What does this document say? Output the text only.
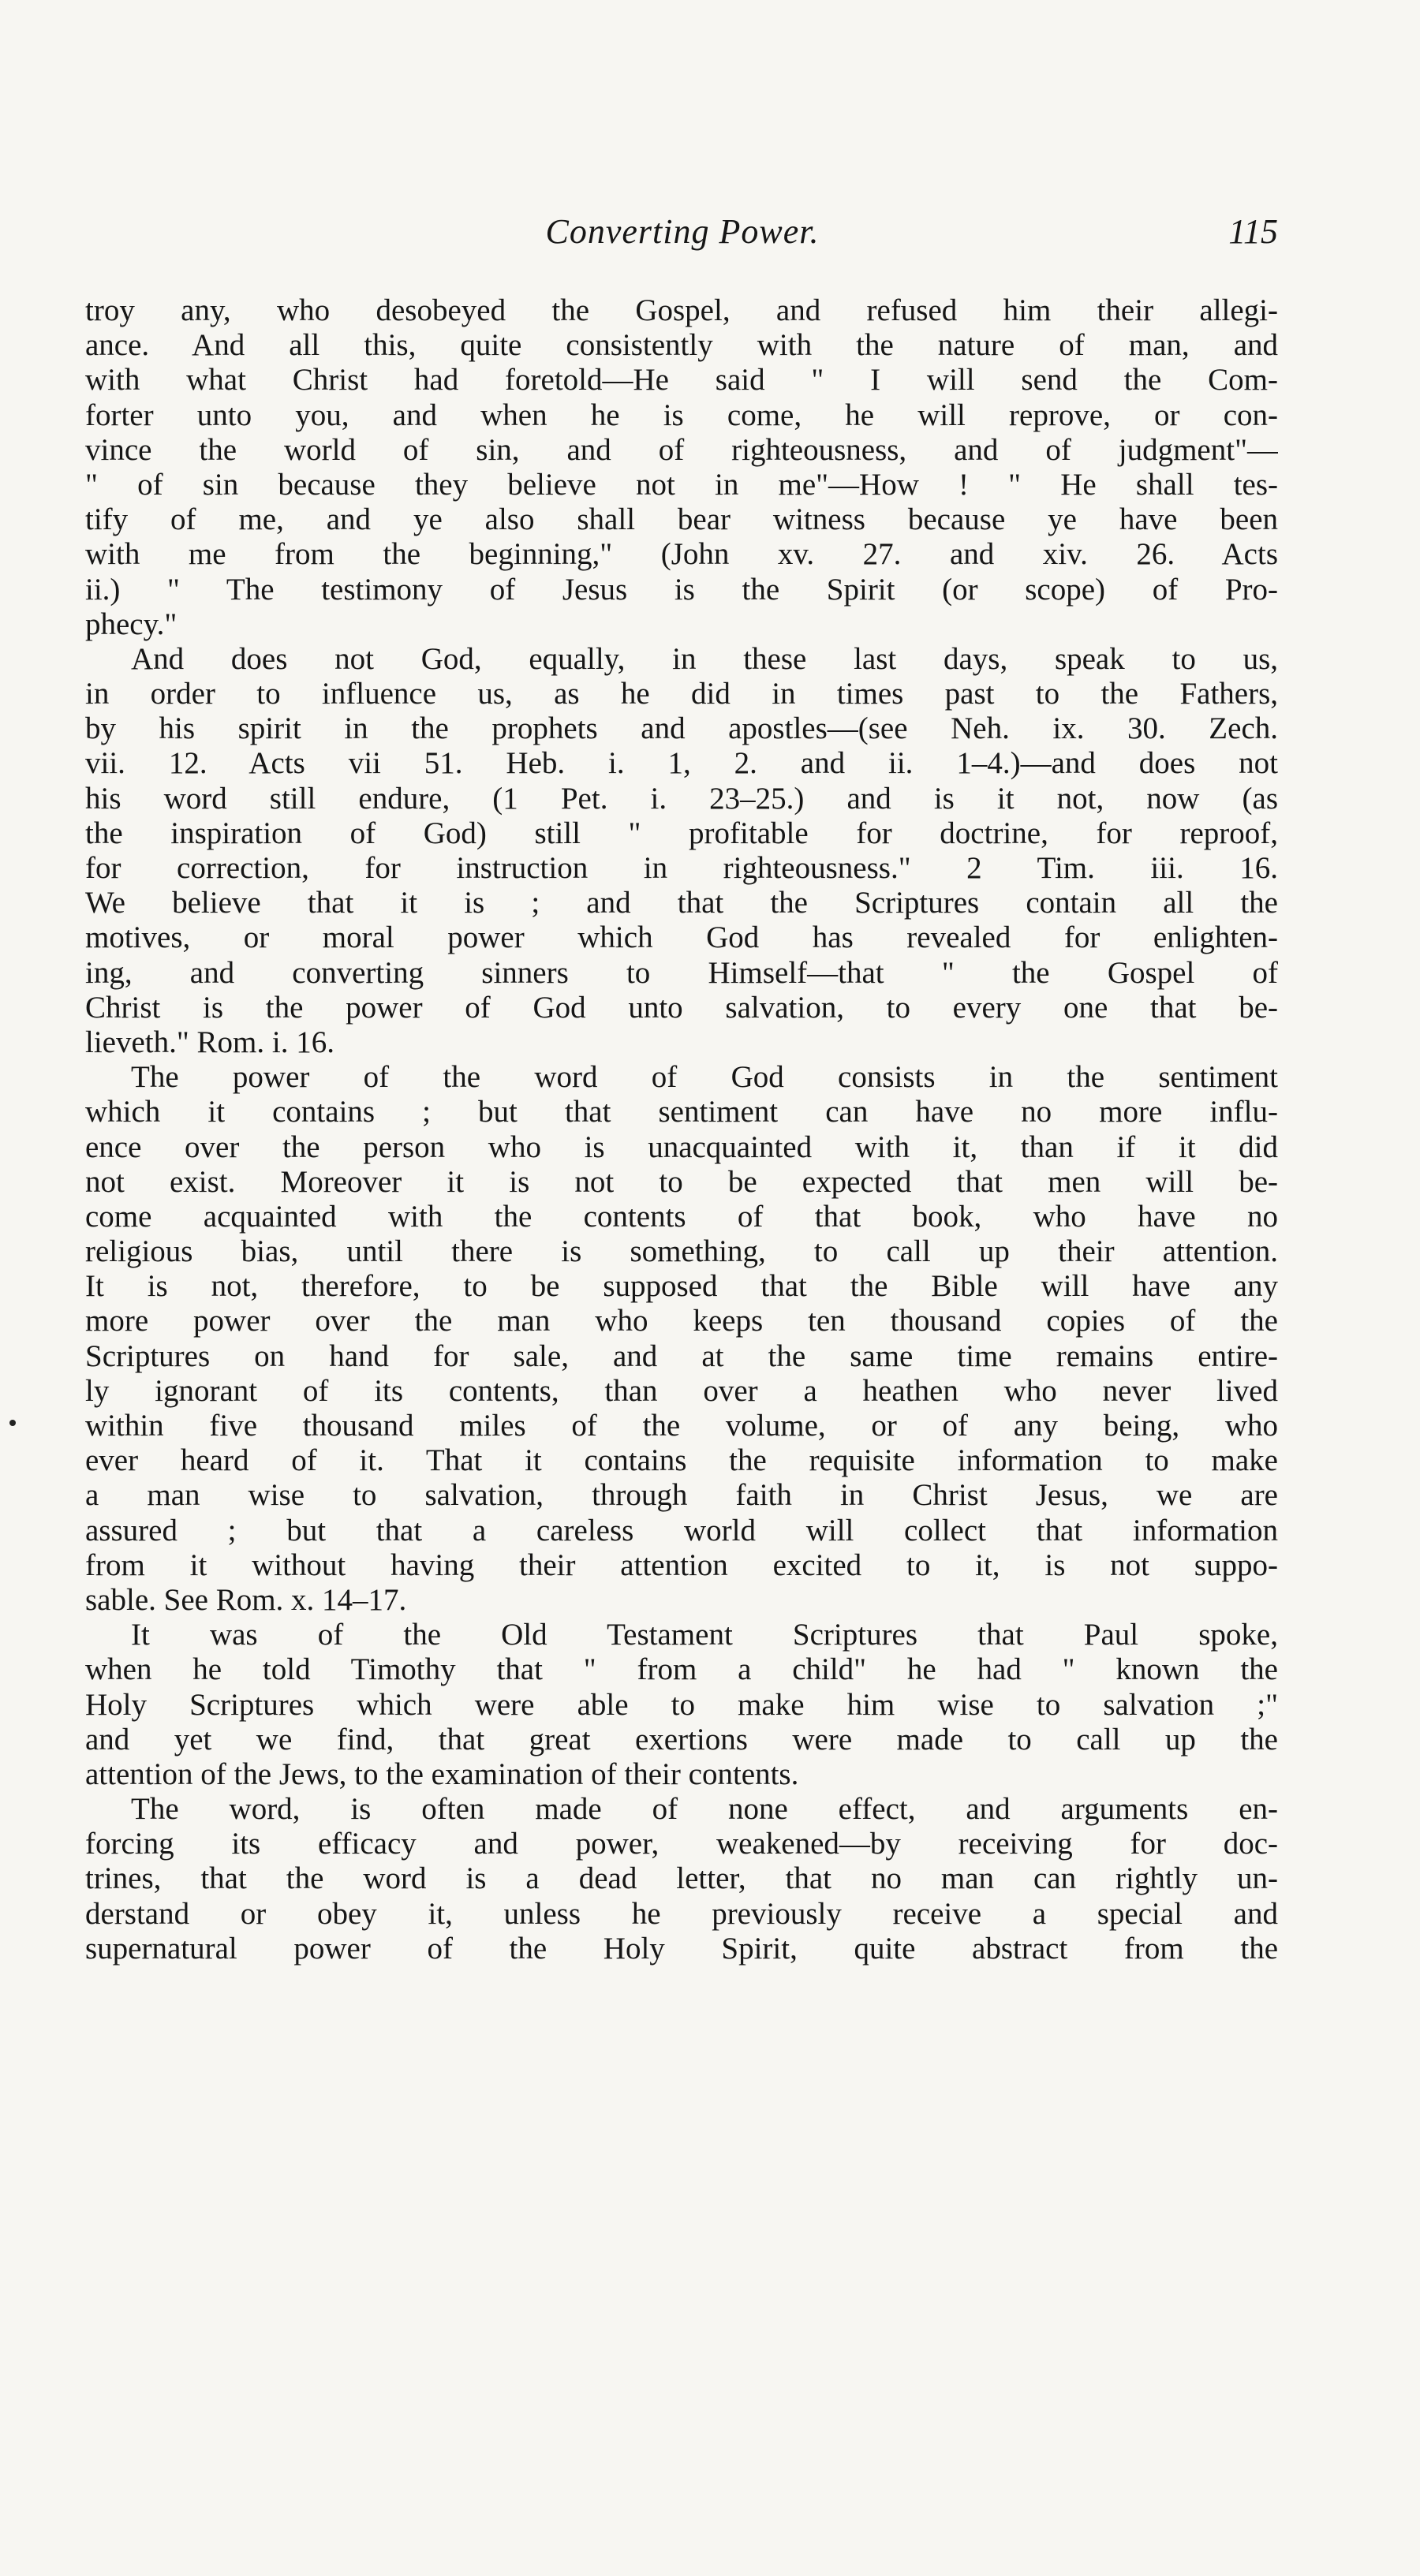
Converting Power.	115
troy any, who desobeyed the Gospel, and refused him their allegi-
ance. And all this, quite consistently with the nature of man, and
with what Christ had foretold—He said " I will send the Com-
forter unto you, and when he is come, he will reprove, or con-
vince the world of sin, and of righteousness, and of judgment"—
" of sin because they believe not in me"—How ! " He shall tes-
tify of me, and ye also shall bear witness because ye have been
with me from the beginning," (John xv. 27. and xiv. 26. Acts
ii.) " The testimony of Jesus is the Spirit (or scope) of Pro-
phecy."
And does not God, equally, in these last days, speak to us,
in order to influence us, as he did in times past to the Fathers,
by his spirit in the prophets and apostles—(see Neh. ix. 30. Zech.
vii. 12. Acts vii 51. Heb. i. 1, 2. and ii. 1–4.)—and does not
his word still endure, (1 Pet. i. 23–25.) and is it not, now (as
the inspiration of God) still " profitable for doctrine, for reproof,
for correction, for instruction in righteousness." 2 Tim. iii. 16.
We believe that it is ; and that the Scriptures contain all the
motives, or moral power which God has revealed for enlighten-
ing, and converting sinners to Himself—that " the Gospel of
Christ is the power of God unto salvation, to every one that be-
lieveth." Rom. i. 16.
The power of the word of God consists in the sentiment
which it contains ; but that sentiment can have no more influ-
ence over the person who is unacquainted with it, than if it did
not exist. Moreover it is not to be expected that men will be-
come acquainted with the contents of that book, who have no
religious bias, until there is something, to call up their attention.
It is not, therefore, to be supposed that the Bible will have any
more power over the man who keeps ten thousand copies of the
Scriptures on hand for sale, and at the same time remains entire-
ly ignorant of its contents, than over a heathen who never lived
within five thousand miles of the volume, or of any being, who
ever heard of it. That it contains the requisite information to make
a man wise to salvation, through faith in Christ Jesus, we are
assured ; but that a careless world will collect that information
from it without having their attention excited to it, is not suppo-
sable. See Rom. x. 14–17.
It was of the Old Testament Scriptures that Paul spoke,
when he told Timothy that " from a child" he had " known the
Holy Scriptures which were able to make him wise to salvation ;"
and yet we find, that great exertions were made to call up the
attention of the Jews, to the examination of their contents.
The word, is often made of none effect, and arguments en-
forcing its efficacy and power, weakened—by receiving for doc-
trines, that the word is a dead letter, that no man can rightly un-
derstand or obey it, unless he previously receive a special and
supernatural power of the Holy Spirit, quite abstract from the
